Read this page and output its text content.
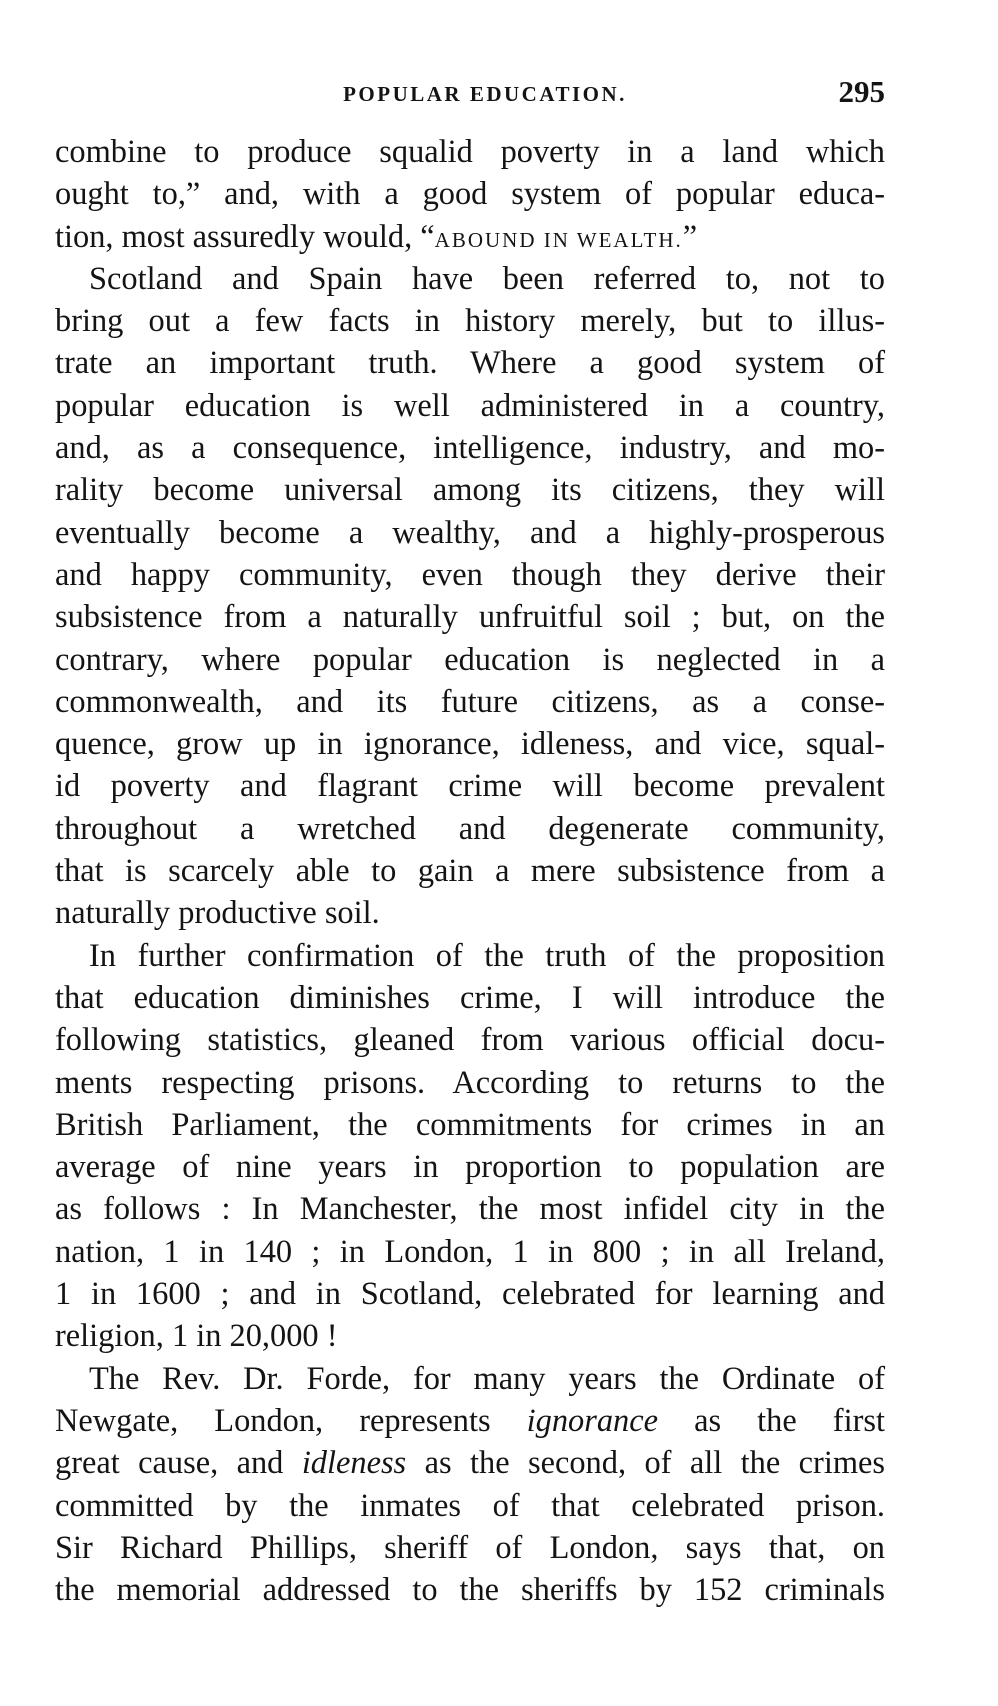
POPULAR EDUCATION.	295
combine to produce squalid poverty in a land which
ought to,” and, with a good system of popular educa-
tion, most assuredly would, “ABOUND IN WEALTH.”
Scotland and Spain have been referred to, not to
bring out a few facts in history merely, but to illus-
trate an important truth. Where a good system of
popular education is well administered in a country,
and, as a consequence, intelligence, industry, and mo-
rality become universal among its citizens, they will
eventually become a wealthy, and a highly-prosperous
and happy community, even though they derive their
subsistence from a naturally unfruitful soil ; but, on the
contrary, where popular education is neglected in a
commonwealth, and its future citizens, as a conse-
quence, grow up in ignorance, idleness, and vice, squal-
id poverty and flagrant crime will become prevalent
throughout a wretched and degenerate community,
that is scarcely able to gain a mere subsistence from a
naturally productive soil.
In further confirmation of the truth of the proposition
that education diminishes crime, I will introduce the
following statistics, gleaned from various official docu-
ments respecting prisons. According to returns to the
British Parliament, the commitments for crimes in an
average of nine years in proportion to population are
as follows : In Manchester, the most infidel city in the
nation, 1 in 140 ; in London, 1 in 800 ; in all Ireland,
1 in 1600 ; and in Scotland, celebrated for learning and
religion, 1 in 20,000 !
The Rev. Dr. Forde, for many years the Ordinate of
Newgate, London, represents ignorance as the first
great cause, and idleness as the second, of all the crimes
committed by the inmates of that celebrated prison.
Sir Richard Phillips, sheriff of London, says that, on
the memorial addressed to the sheriffs by 152 criminals
